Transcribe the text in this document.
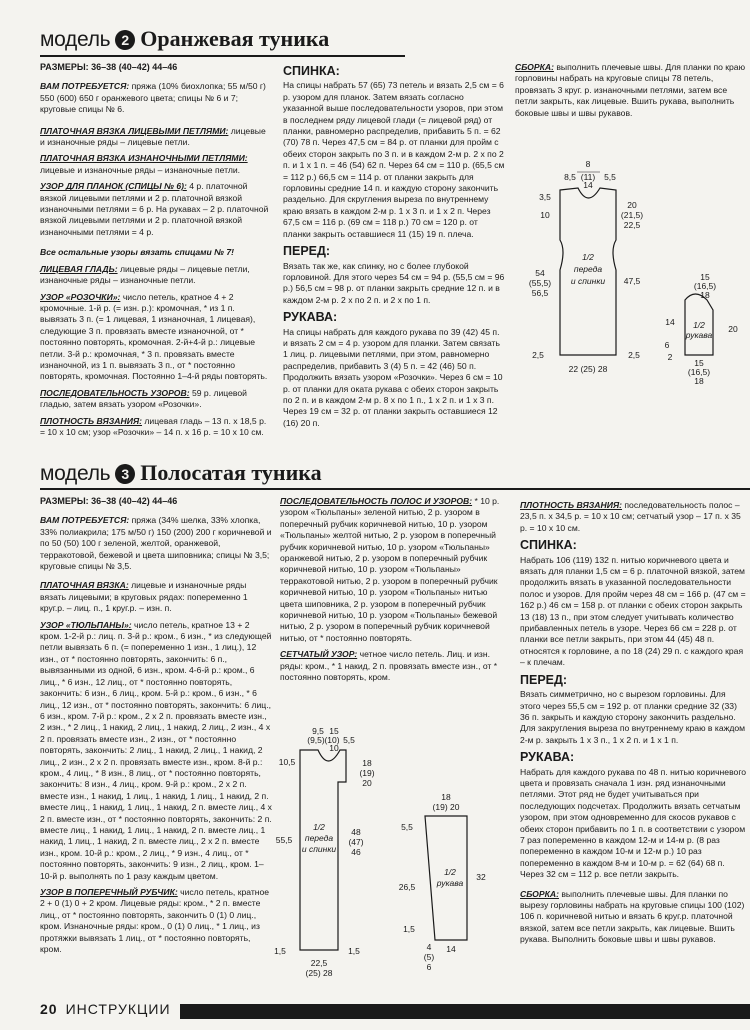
модель 2 Оранжевая туника

РАЗМЕРЫ: 36–38 (40–42) 44–46

ВАМ ПОТРЕБУЕТСЯ: пряжа (10% биохлопка; 55 м/50 г) 550 (600) 650 г оранжевого цвета; спицы № 6 и 7; круговые спицы № 6.

ПЛАТОЧНАЯ ВЯЗКА ЛИЦЕВЫМИ ПЕТЛЯМИ: лицевые и изнаночные ряды – лицевые петли.

ПЛАТОЧНАЯ ВЯЗКА ИЗНАНОЧНЫМИ ПЕТЛЯМИ: лицевые и изнаночные ряды – изнаночные петли.

УЗОР ДЛЯ ПЛАНОК (СПИЦЫ № 6): 4 р. платочной вязкой лицевыми петлями и 2 р. платочной вязкой изнаночными петлями = 6 р. На рукавах – 2 р. платочной вязкой лицевыми петлями и 2 р. платочной вязкой изнаночными петлями = 4 р.

Все остальные узоры вязать спицами № 7!

ЛИЦЕВАЯ ГЛАДЬ: лицевые ряды – лицевые петли, изнаночные ряды – изнаночные петли.

УЗОР «РОЗОЧКИ»: число петель, кратное 4 + 2 кромочные. 1-й р. (= изн. р.): кромочная, * из 1 п. вывязать 3 п. (= 1 лицевая, 1 изнаночная, 1 лицевая), следующие 3 п. провязать вместе изнаночной, от * постоянно повторять, кромочная. 2-й+4-й р.: лицевые петли. 3-й р.: кромочная, * 3 п. провязать вместе изнаночной, из 1 п. вывязать 3 п., от * постоянно повторять, кромочная. Постоянно 1–4-й ряды повторять.

ПОСЛЕДОВАТЕЛЬНОСТЬ УЗОРОВ: 59 р. лицевой гладью, затем вязать узором «Розочки».

ПЛОТНОСТЬ ВЯЗАНИЯ: лицевая гладь – 13 п. х 18,5 р. = 10 х 10 см; узор «Розочки» – 14 п. х 16 р. = 10 х 10 см.

СПИНКА:

На спицы набрать 57 (65) 73 петель и вязать 2,5 см = 6 р. узором для планок. Затем вязать согласно указанной выше последовательности узоров, при этом в последнем ряду лицевой глади (= лицевой ряд) от планки, равномерно распределив, прибавить 5 п. = 62 (70) 78 п. Через 47,5 см = 84 р. от планки для пройм с обеих сторон закрыть по 3 п. и в каждом 2-м р. 2 х по 2 п. и 1 х 1 п. = 46 (54) 62 п. Через 64 см = 110 р. (65,5 см = 112 р.) 66,5 см = 114 р. от планки закрыть для горловины средние 14 п. и каждую сторону закончить раздельно. Для скругления выреза по внутреннему краю вязать в каждом 2-м р. 1 х 3 п. и 1 х 2 п. Через 67,5 см = 116 р. (69 см = 118 р.) 70 см = 120 р. от планки закрыть оставшиеся 11 (15) 19 п. плеча.

ПЕРЕД:

Вязать так же, как спинку, но с более глубокой горловиной. Для этого через 54 см = 94 р. (55,5 см = 96 р.) 56,5 см = 98 р. от планки закрыть средние 12 п. и в каждом 2-м р. 2 х по 2 п. и 2 х по 1 п.

РУКАВА:

На спицы набрать для каждого рукава по 39 (42) 45 п. и вязать 2 см = 4 р. узором для планки. Затем связать 1 лиц. р. лицевыми петлями, при этом, равномерно распределив, прибавить 3 (4) 5 п. = 42 (46) 50 п. Продолжить вязать узором «Розочки». Через 6 см = 10 р. от планки для оката рукава с обеих сторон закрыть по 2 п. и в каждом 2-м р. 8 х по 1 п., 1 х 2 п. и 1 х 3 п. Через 19 см = 32 р. от планки закрыть оставшиеся 12 (16) 20 п.

СБОРКА: выполнить плечевые швы. Для планки по краю горловины набрать на круговые спицы 78 петель, провязать 3 круг. р. изнаночными петлями, затем все петли закрыть, как лицевые. Вшить рукава, выполнить боковые швы и швы рукавов.

8
8,5 (11)
14
5,5
3,5
10
20
(21,5)
22,5
1/2
переда
и спинки
54
(55,5)
56,5
47,5
2,5	2,5
22 (25) 28
15
(16,5)
18
14 1/2
рукава
20
6
2
15
(16,5)
18
модель 3 Полосатая туника

РАЗМЕРЫ: 36–38 (40–42) 44–46

ВАМ ПОТРЕБУЕТСЯ: пряжа (34% шелка, 33% хлопка, 33% полиакрила; 175 м/50 г) 150 (200) 200 г коричневой и по 50 (50) 100 г зеленой, желтой, оранжевой, терракотовой, бежевой и цвета шиповника; спицы № 3,5; круговые спицы № 3,5.

ПЛАТОЧНАЯ ВЯЗКА: лицевые и изнаночные ряды вязать лицевыми; в круговых рядах: попеременно 1 круг.р. – лиц. п., 1 круг.р. – изн. п.

УЗОР «ТЮЛЬПАНЫ»: число петель, кратное 13 + 2 кром. 1-2-й р.: лиц. п. 3-й р.: кром., 6 изн., * из следующей петли вывязать 6 п. (= попеременно 1 изн., 1 лиц.), 12 изн., от * постоянно повторять, закончить: 6 п., вывязанными из одной, 6 изн., кром. 4-6-й р.: кром., 6 лиц., * 6 изн., 12 лиц., от * постоянно повторять, закончить: 6 изн., 6 лиц., кром. 5-й р.: кром., 6 изн., * 6 лиц., 12 изн., от * постоянно повторять, закончить: 6 лиц., 6 изн., кром. 7-й р.: кром., 2 х 2 п. провязать вместе изн., 2 изн., * 2 лиц., 1 накид, 2 лиц., 1 накид, 2 лиц., 2 изн., 4 х 2 п. провязать вместе изн., 2 изн., от * постоянно повторять, закончить: 2 лиц., 1 накид, 2 лиц., 1 накид, 2 лиц., 2 изн., 2 х 2 п. провязать вместе изн., кром. 8-й р.: кром., 4 лиц., * 8 изн., 8 лиц., от * постоянно повторять, закончить: 8 изн., 4 лиц., кром. 9-й р.: кром., 2 х 2 п. вместе изн., 1 накид, 1 лиц., 1 накид, 1 лиц., 1 накид, 2 п. вместе лиц., 1 накид, 1 лиц., 1 накид, 2 п. вместе лиц., 4 х 2 п. вместе изн., от * постоянно повторять, закончить: 2 п. вместе лиц., 1 накид, 1 лиц., 1 накид, 2 п. вместе лиц., 1 накид, 1 лиц., 1 накид, 2 п. вместе лиц., 2 х 2 п. вместе изн., кром. 10-й р.: кром., 2 лиц., * 9 изн., 4 лиц., от * постоянно повторять, закончить: 9 изн., 2 лиц., кром. 1–10-й р. выполнять по 1 разу каждым цветом.

УЗОР В ПОПЕРЕЧНЫЙ РУБЧИК: число петель, кратное 2 + 0 (1) 0 + 2 кром. Лицевые ряды: кром., * 2 п. вместе лиц., от * постоянно повторять, закончить 0 (1) 0 лиц., кром. Изнаночные ряды: кром., 0 (1) 0 лиц., * 1 лиц., из протяжки вывязать 1 лиц., от * постоянно повторять, кром.

ПОСЛЕДОВАТЕЛЬНОСТЬ ПОЛОС И УЗОРОВ: * 10 р. узором «Тюльпаны» зеленой нитью, 2 р. узором в поперечный рубчик коричневой нитью, 10 р. узором «Тюльпаны» желтой нитью, 2 р. узором в поперечный рубчик коричневой нитью, 10 р. узором «Тюльпаны» оранжевой нитью, 2 р. узором в поперечный рубчик коричневой нитью, 10 р. узором «Тюльпаны» терракотовой нитью, 2 р. узором в поперечный рубчик коричневой нитью, 10 р. узором «Тюльпаны» нитью цвета шиповника, 2 р. узором в поперечный рубчик коричневой нитью, 10 р. узором «Тюльпаны» бежевой нитью, 2 р. узором в поперечный рубчик коричневой нитью, от * постоянно повторять.

СЕТЧАТЫЙ УЗОР: четное число петель. Лиц. и изн. ряды: кром., * 1 накид, 2 п. провязать вместе изн., от * постоянно повторять, кром.

ПЛОТНОСТЬ ВЯЗАНИЯ: последовательность полос – 23,5 п. х 34,5 р. = 10 х 10 см; сетчатый узор – 17 п. х 35 р. = 10 х 10 см.

СПИНКА:

Набрать 106 (119) 132 п. нитью коричневого цвета и вязать для планки 1,5 см = 6 р. платочной вязкой, затем продолжить вязать в указанной последовательности полос и узоров. Для пройм через 48 см = 166 р. (47 см = 162 р.) 46 см = 158 р. от планки с обеих сторон закрыть 13 (18) 13 п., при этом следует учитывать количество прибавленных петель в узоре. Через 66 см = 228 р. от планки все петли закрыть, при этом 44 (45) 48 п. относятся к горловине, а по 18 (24) 29 п. с каждого края – к плечам.

ПЕРЕД:

Вязать симметрично, но с вырезом горловины. Для этого через 55,5 см = 192 р. от планки средние 32 (33) 36 п. закрыть и каждую сторону закончить раздельно. Для закругления выреза по внутреннему краю в каждом 2-м р. закрыть 1 х 3 п., 1 х 2 п. и 1 х 1 п.

РУКАВА:

Набрать для каждого рукава по 48 п. нитью коричневого цвета и провязать сначала 1 изн. ряд изнаночными петлями. Этот ряд не будет учитываться при последующих подсчетах. Продолжить вязать сетчатым узором, при этом одновременно для скосов рукавов с обеих сторон прибавить по 1 п. в соответствии с узором 7 раз попеременно в каждом 12-м и 14-м р. (8 раз попеременно в каждом 10-м и 12-м р.) 10 раз попеременно в каждом 8-м и 10-м р. = 62 (64) 68 п. Через 32 см = 112 р. все петли закрыть.

СБОРКА: выполнить плечевые швы. Для планки по вырезу горловины набрать на круговые спицы 100 (102) 106 п. коричневой нитью и вязать 6 круг.р. платочной вязкой, затем все петли закрыть, как лицевые. Вшить рукава. Выполнить боковые швы и швы рукавов.

9,5 15
(9,5) (10) 5,5
10
10,5	18
(19)
20
1/2
переда
и спинки
55,5
48
(47)
46
1,5	1,5
22,5
(25) 28
18
(19) 20
5,5
26,5
1/2
рукава
32
1,5
4
(5)
6
14
20 ИНСТРУКЦИИ
